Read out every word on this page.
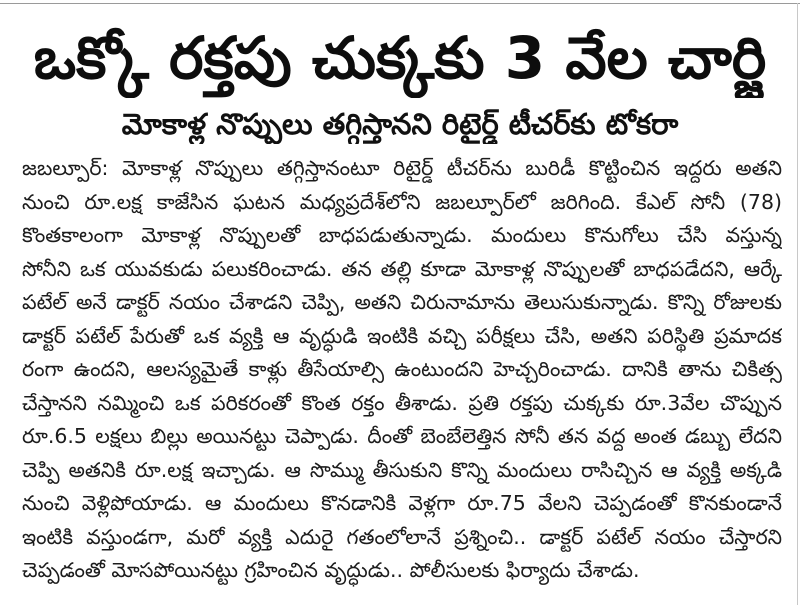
ఒక్కో రక్తపు చుక్కకు 3 వేల చార్జి
మోకాళ్ల నొప్పులు తగ్గిస్తానని రిటైర్డ్ టీచర్‌కు టోకరా
జబల్పూర్: మోకాళ్ల నొప్పులు తగ్గిస్తానంటూ రిటైర్డ్ టీచర్‌ను బురిడీ కొట్టించిన ఇద్దరు అతని
నుంచి రూ.లక్ష కాజేసిన ఘటన మధ్యప్రదేశ్‌లోని జబల్పూర్‌లో జరిగింది. కేఎల్ సోనీ (78)
కొంతకాలంగా మోకాళ్ల నొప్పులతో బాధపడుతున్నాడు. మందులు కొనుగోలు చేసి వస్తున్న
సోనీని ఒక యువకుడు పలుకరించాడు. తన తల్లి కూడా మోకాళ్ల నొప్పులతో బాధపడేదని, ఆర్కే
పటేల్ అనే డాక్టర్ నయం చేశాడని చెప్పి, అతని చిరునామాను తెలుసుకున్నాడు. కొన్ని రోజులకు
డాక్టర్ పటేల్ పేరుతో ఒక వ్యక్తి ఆ వృద్ధుడి ఇంటికి వచ్చి పరీక్షలు చేసి, అతని పరిస్థితి ప్రమాదక
రంగా ఉందని, ఆలస్యమైతే కాళ్లు తీసేయాల్సి ఉంటుందని హెచ్చరించాడు. దానికి తాను చికిత్స
చేస్తానని నమ్మించి ఒక పరికరంతో కొంత రక్తం తీశాడు. ప్రతి రక్తపు చుక్కకు రూ.3వేల చొప్పున
రూ.6.5 లక్షలు బిల్లు అయినట్టు చెప్పాడు. దీంతో బెంబేలెత్తిన సోనీ తన వద్ద అంత డబ్బు లేదని
చెప్పి అతనికి రూ.లక్ష ఇచ్చాడు. ఆ సొమ్ము తీసుకుని కొన్ని మందులు రాసిచ్చిన ఆ వ్యక్తి అక్కడి
నుంచి వెళ్లిపోయాడు. ఆ మందులు కొనడానికి వెళ్లగా రూ.75 వేలని చెప్పడంతో కొనకుండానే
ఇంటికి వస్తుండగా, మరో వ్యక్తి ఎదురై గతంలోలానే ప్రశ్నించి.. డాక్టర్ పటేల్ నయం చేస్తారని
చెప్పడంతో మోసపోయినట్టు గ్రహించిన వృద్ధుడు.. పోలీసులకు ఫిర్యాదు చేశాడు.
